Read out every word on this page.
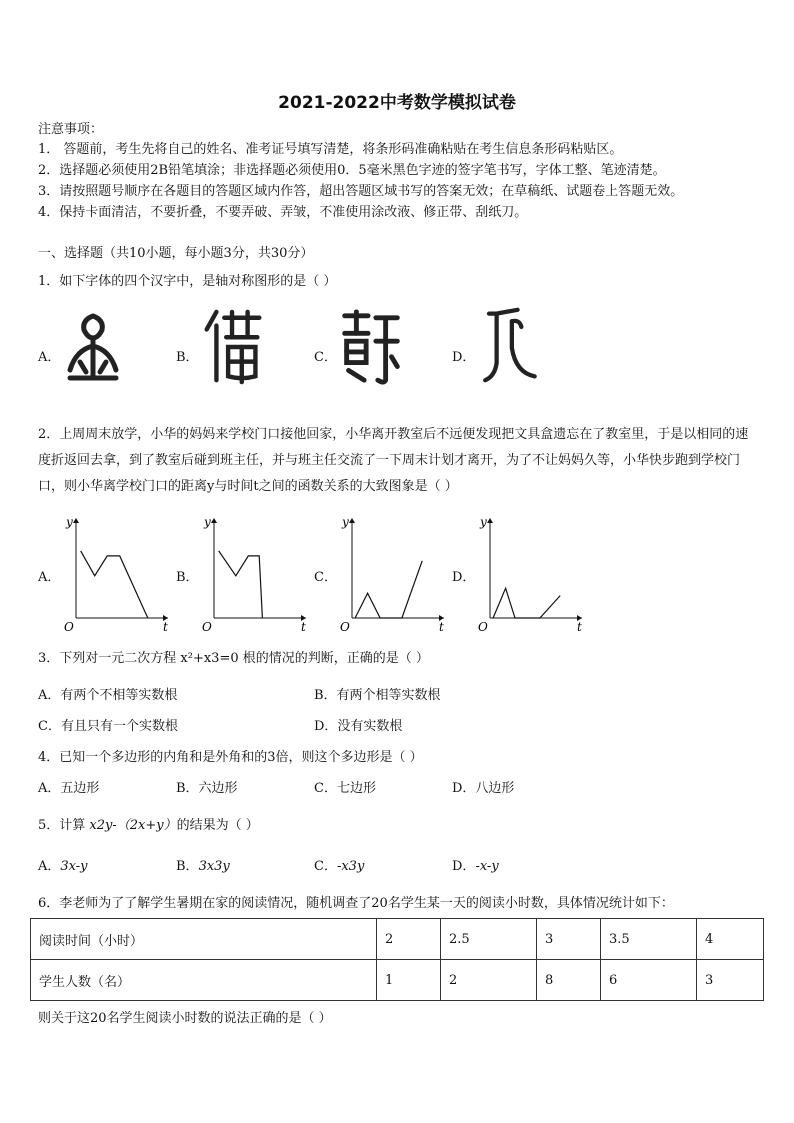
2021-2022中考数学模拟试卷
注意事项：
1． 答题前，考生先将自己的姓名、准考证号填写清楚，将条形码准确粘贴在考生信息条形码粘贴区。
2．选择题必须使用2B铅笔填涂；非选择题必须使用0．5毫米黑色字迹的签字笔书写，字体工整、笔迹清楚。
3．请按照题号顺序在各题目的答题区域内作答，超出答题区域书写的答案无效；在草稿纸、试题卷上答题无效。
4．保持卡面清洁，不要折叠，不要弄破、弄皱，不准使用涂改液、修正带、刮纸刀。
一、选择题（共10小题，每小题3分，共30分）
1．如下字体的四个汉字中，是轴对称图形的是（ ）
A．	B．	C．	D．
2．上周周末放学，小华的妈妈来学校门口接他回家，小华离开教室后不远便发现把文具盒遗忘在了教室里，于是以相同的速度折返回去拿，到了教室后碰到班主任，并与班主任交流了一下周末计划才离开，为了不让妈妈久等，小华快步跑到学校门口，则小华离学校门口的距离y与时间t之间的函数关系的大致图象是（ ）
A．	B．	C．	D．
y
t
O
y
t
O
y
t
O
y
t
O
3．下列对一元二次方程 x²+x3=0 根的情况的判断，正确的是（ ）
A．有两个不相等实数根	B．有两个相等实数根
C．有且只有一个实数根	D．没有实数根
4．已知一个多边形的内角和是外角和的3倍，则这个多边形是（ ）
A．五边形	B．六边形	C．七边形	D．八边形
5．计算 x2y-（2x+y）的结果为（ ）
A．3x-y	B．3x3y	C．-x3y	D．-x-y
6．李老师为了了解学生暑期在家的阅读情况，随机调查了20名学生某一天的阅读小时数，具体情况统计如下：
阅读时间（小时）	2	2.5	3	3.5	4
学生人数（名）	1	2	8	6	3
则关于这20名学生阅读小时数的说法正确的是（ ）
